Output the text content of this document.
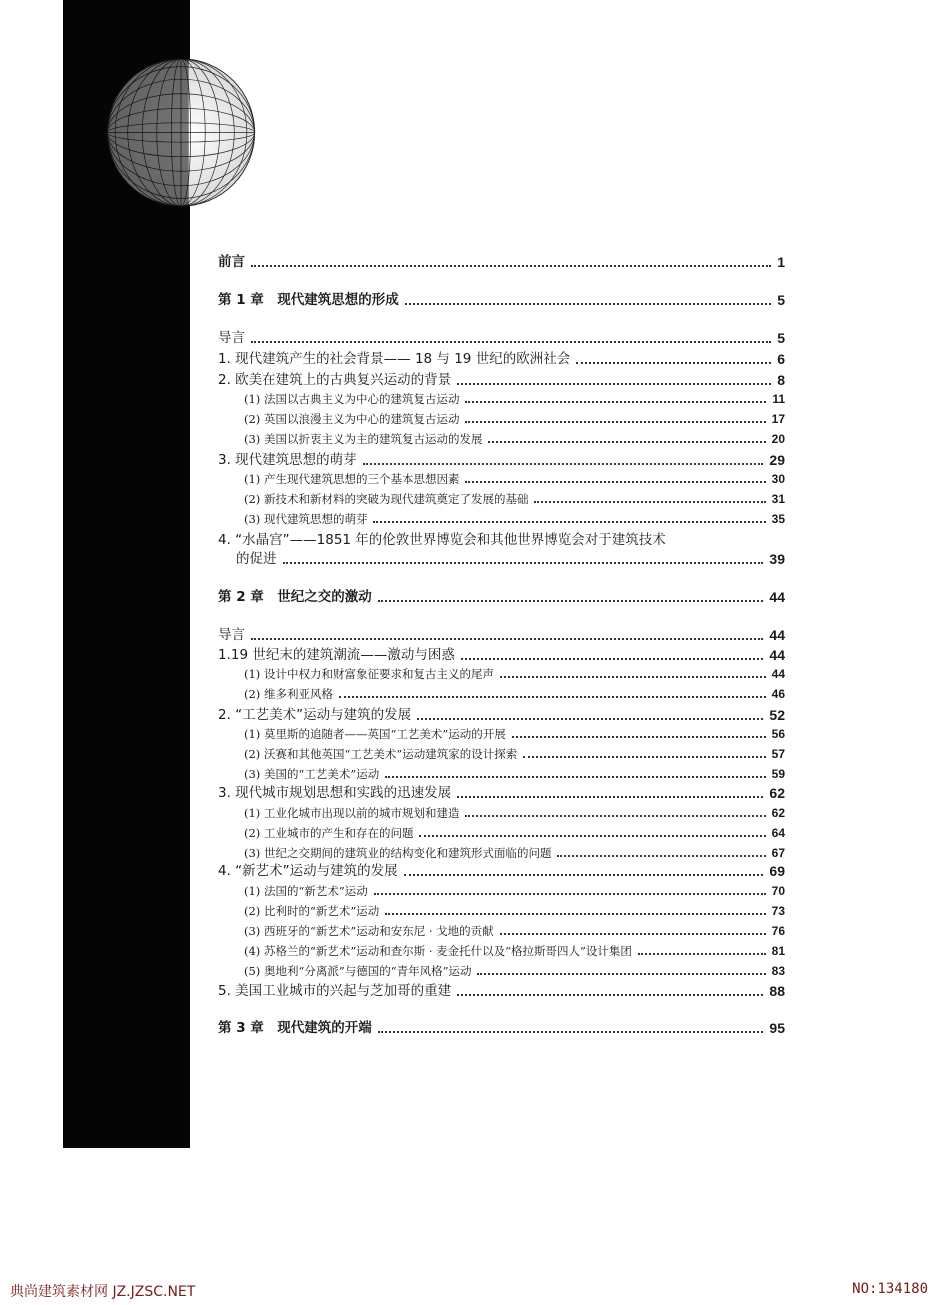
前言	1
第 1 章　现代建筑思想的形成	5
导言	5
1. 现代建筑产生的社会背景—— 18 与 19 世纪的欧洲社会	6
2. 欧美在建筑上的古典复兴运动的背景	8
(1) 法国以古典主义为中心的建筑复古运动	11
(2) 英国以浪漫主义为中心的建筑复古运动	17
(3) 美国以折衷主义为主的建筑复古运动的发展	20
3. 现代建筑思想的萌芽	29
(1) 产生现代建筑思想的三个基本思想因素	30
(2) 新技术和新材料的突破为现代建筑奠定了发展的基础	31
(3) 现代建筑思想的萌芽	35
4. “水晶宫”——1851 年的伦敦世界博览会和其他世界博览会对于建筑技术
的促进	39
第 2 章　世纪之交的激动	44
导言	44
1.19 世纪末的建筑潮流——激动与困惑	44
(1) 设计中权力和财富象征要求和复古主义的尾声	44
(2) 维多利亚风格	46
2. “工艺美术”运动与建筑的发展	52
(1) 莫里斯的追随者——英国“工艺美术”运动的开展	56
(2) 沃赛和其他英国“工艺美术”运动建筑家的设计探索	57
(3) 美国的“工艺美术”运动	59
3. 现代城市规划思想和实践的迅速发展	62
(1) 工业化城市出现以前的城市规划和建造	62
(2) 工业城市的产生和存在的问题	64
(3) 世纪之交期间的建筑业的结构变化和建筑形式面临的问题	67
4. “新艺术”运动与建筑的发展	69
(1) 法国的“新艺术”运动	70
(2) 比利时的“新艺术”运动	73
(3) 西班牙的“新艺术”运动和安东尼 · 戈地的贡献	76
(4) 苏格兰的“新艺术”运动和查尔斯 · 麦金托什以及“格拉斯哥四人”设计集团	81
(5) 奥地利“分离派”与德国的“青年风格”运动	83
5. 美国工业城市的兴起与芝加哥的重建	88
第 3 章　现代建筑的开端	95
典尚建筑素材网 JZ.JZSC.NET	NO:134180
